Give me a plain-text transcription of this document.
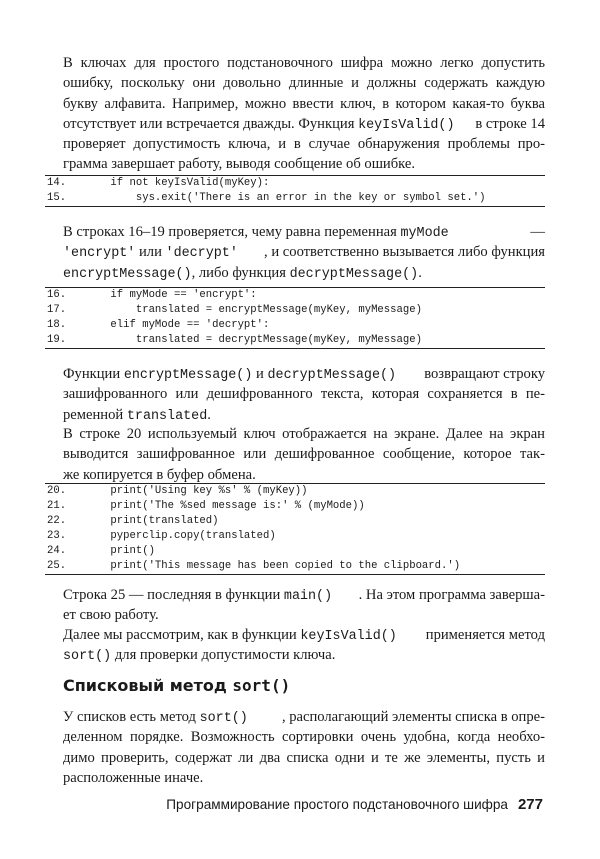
В ключах для простого подстановочного шифра можно легко допустить
ошибку, поскольку они довольно длинные и должны содержать каждую
букву алфавита. Например, можно ввести ключ, в котором какая-то буква
отсутствует или встречается дважды. Функция keyIsValid() в строке 14
проверяет допустимость ключа, и в случае обнаружения проблемы про-
грамма завершает работу, выводя сообщение об ошибке.
14.	if not keyIsValid(myKey):
15.	sys.exit('There is an error in the key or symbol set.')
В строках 16–19 проверяется, чему равна переменная myMode	—
'encrypt' или 'decrypt' , и соответственно вызывается либо функция
encryptMessage(), либо функция decryptMessage().
16.	if myMode == 'encrypt':
17.	translated = encryptMessage(myKey, myMessage)
18.	elif myMode == 'decrypt':
19.	translated = decryptMessage(myKey, myMessage)
Функции encryptMessage() и decryptMessage() возвращают строку
зашифрованного или дешифрованного текста, которая сохраняется в пе-
ременной translated.
В строке 20 используемый ключ отображается на экране. Далее на экран
выводится зашифрованное или дешифрованное сообщение, которое так-
же копируется в буфер обмена.
20.	print('Using key %s' % (myKey))
21.	print('The %sed message is:' % (myMode))
22.	print(translated)
23.	pyperclip.copy(translated)
24.	print()
25.	print('This message has been copied to the clipboard.')
Строка 25 — последняя в функции main() . На этом программа заверша-
ет свою работу.
Далее мы рассмотрим, как в функции keyIsValid() применяется метод
sort() для проверки допустимости ключа.
Списковый метод sort()
У списков есть метод sort() , располагающий элементы списка в опре-
деленном порядке. Возможность сортировки очень удобна, когда необхо-
димо проверить, содержат ли два списка одни и те же элементы, пусть и
расположенные иначе.
Программирование простого подстановочного шифра 277
